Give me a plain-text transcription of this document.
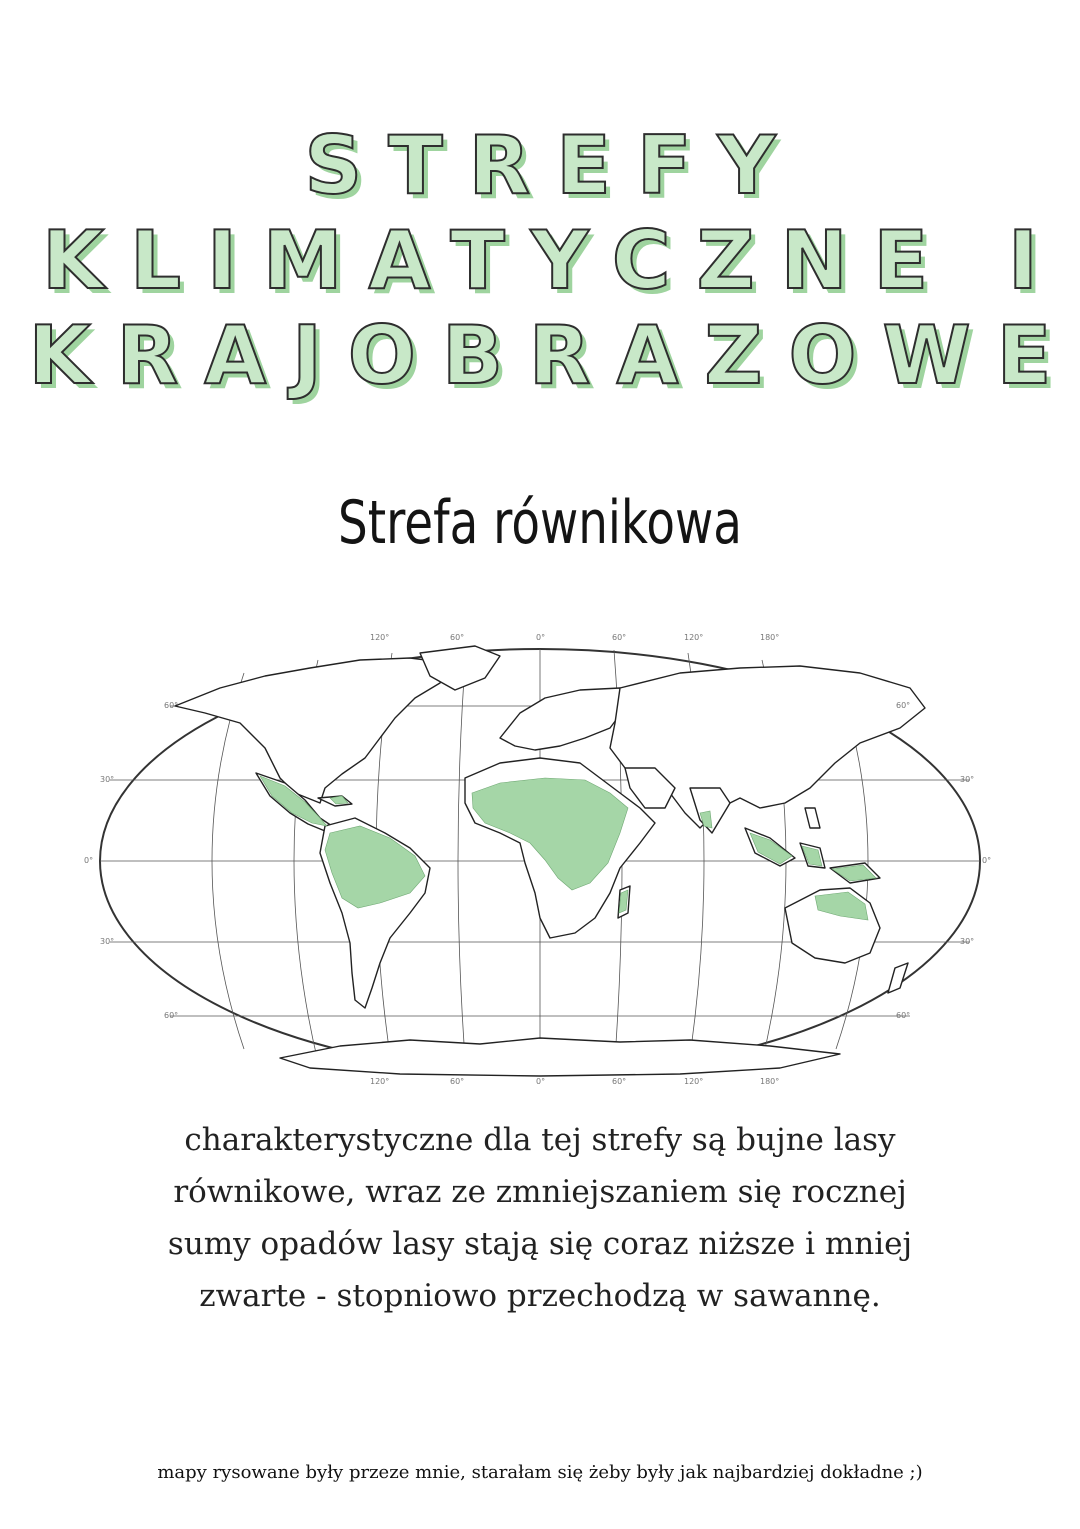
STREFY
KLIMATYCZNE I
KRAJOBRAZOWE
Strefa równikowa
120°	60°	0°	60°	120°	180°
120°	60°	0°	60°	120°	180°
60°
30°
0°
30°
60°
60°
30°
0°
30°
60°
charakterystyczne dla tej strefy są bujne lasy równikowe, wraz ze zmniejszaniem się rocznej sumy opadów lasy stają się coraz niższe i mniej zwarte - stopniowo przechodzą w sawannę.
mapy rysowane były przeze mnie, starałam się żeby były jak najbardziej dokładne ;)
